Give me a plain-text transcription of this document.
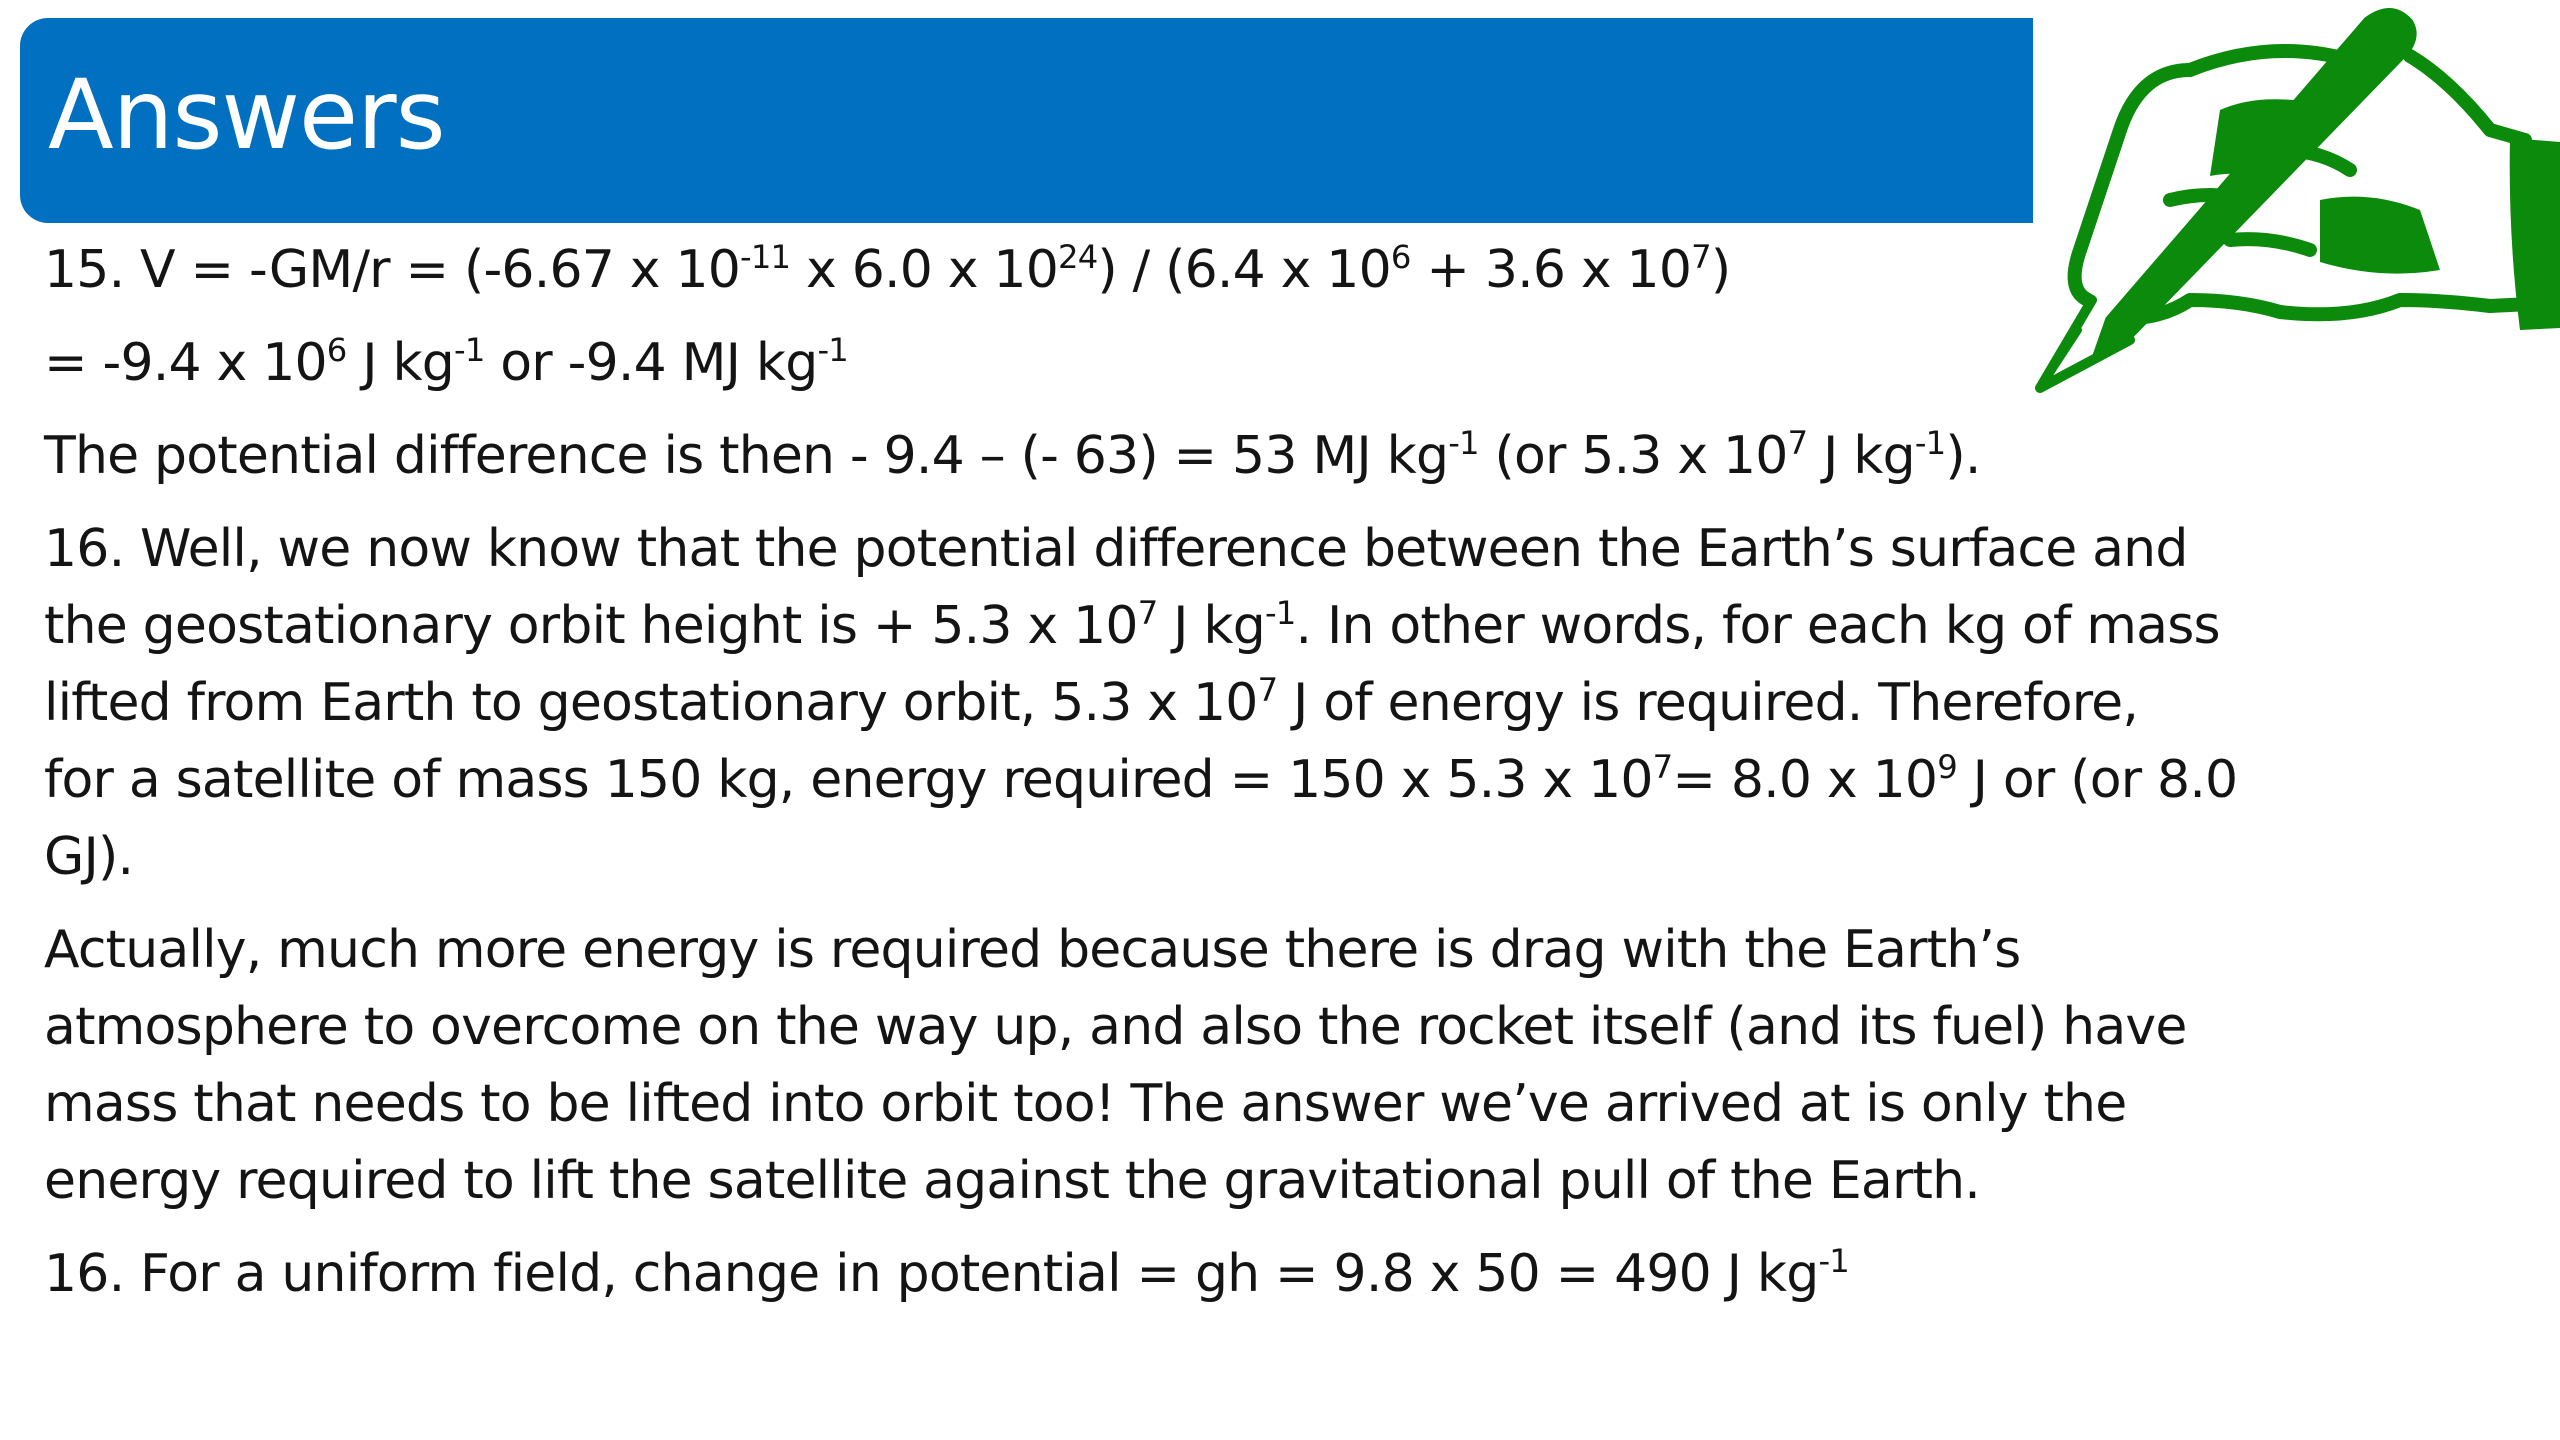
Answers
15. V = -GM/r = (-6.67 x $10^{-11}$ x 6.0 x $10^{24}) / (6.4$ x $10^6 + 3.6$ x $10^7$)
= -9.4 x $10^6$ J $kg^{-1}$ or -9.4 MJ $kg^{-1}$
The potential difference is then - 9.4 – (- 63) = 53 MJ $kg^{-1}$ (or 5.3 x $10^7$ J $kg^{-1}$).
16. Well, we now know that the potential difference between the Earth’s surface and
the geostationary orbit height is + 5.3 x $10^7$ J $kg^{-1}$. In other words, for each kg of mass
lifted from Earth to geostationary orbit, 5.3 x $10^7$ J of energy is required. Therefore,
for a satellite of mass 150 kg, energy required = 150 x 5.3 x $10^7= 8.0$ x $10^9$ J or (or 8.0
GJ).
Actually, much more energy is required because there is drag with the Earth’s
atmosphere to overcome on the way up, and also the rocket itself (and its fuel) have
mass that needs to be lifted into orbit too! The answer we’ve arrived at is only the
energy required to lift the satellite against the gravitational pull of the Earth.
16. For a uniform field, change in potential = gh = 9.8 x 50 = 490 J $kg^{-1}$
